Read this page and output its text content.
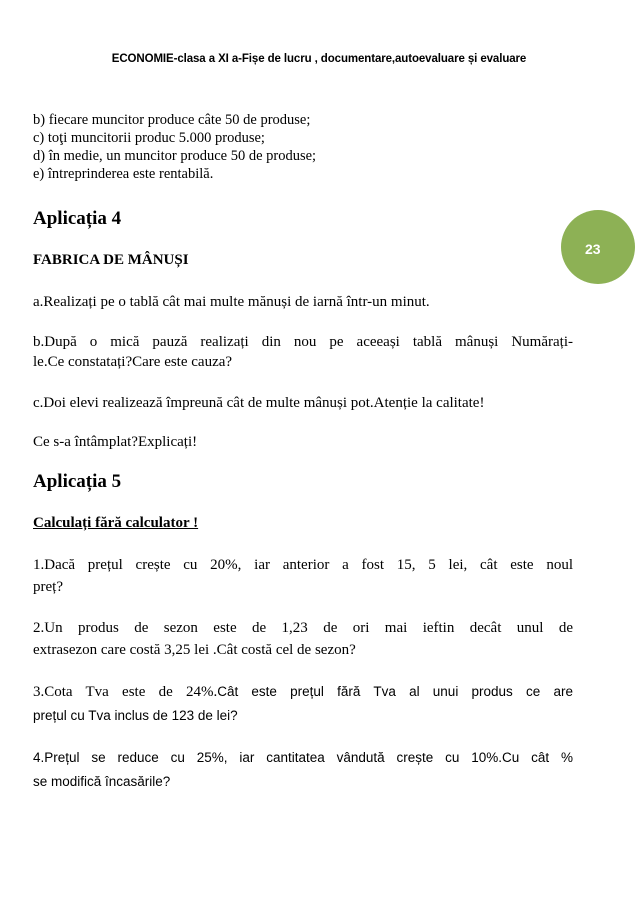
ECONOMIE-clasa a XI a-Fișe de lucru , documentare,autoevaluare și evaluare
23
b) fiecare muncitor produce câte 50 de produse;
c) toţi muncitorii produc 5.000 produse;
d) în medie, un muncitor produce 50 de produse;
e) întreprinderea este rentabilă.
Aplicația 4
FABRICA DE MÂNUȘI
a.Realizați pe o tablă cât mai multe mănuși de iarnă într-un minut.
b.După o mică pauză realizați din nou pe aceeași tablă mânuși Numărați-
le.Ce constatați?Care este cauza?
c.Doi elevi realizează împreună cât de multe mânuși pot.Atenție la calitate!
Ce s-a întâmplat?Explicați!
Aplicația 5
Calculați fără calculator !
1.Dacă prețul crește cu 20%, iar anterior a fost 15, 5 lei, cât este noul
preț?
2.Un produs de sezon este de 1,23 de ori mai ieftin decât unul de
extrasezon care costă 3,25 lei .Cât costă cel de sezon?
3.Cota Tva este de 24%.Cât este prețul fără Tva al unui produs ce are
prețul cu Tva inclus de 123 de lei?
4.Prețul se reduce cu 25%, iar cantitatea vândută crește cu 10%.Cu cât %
se modifică încasările?
